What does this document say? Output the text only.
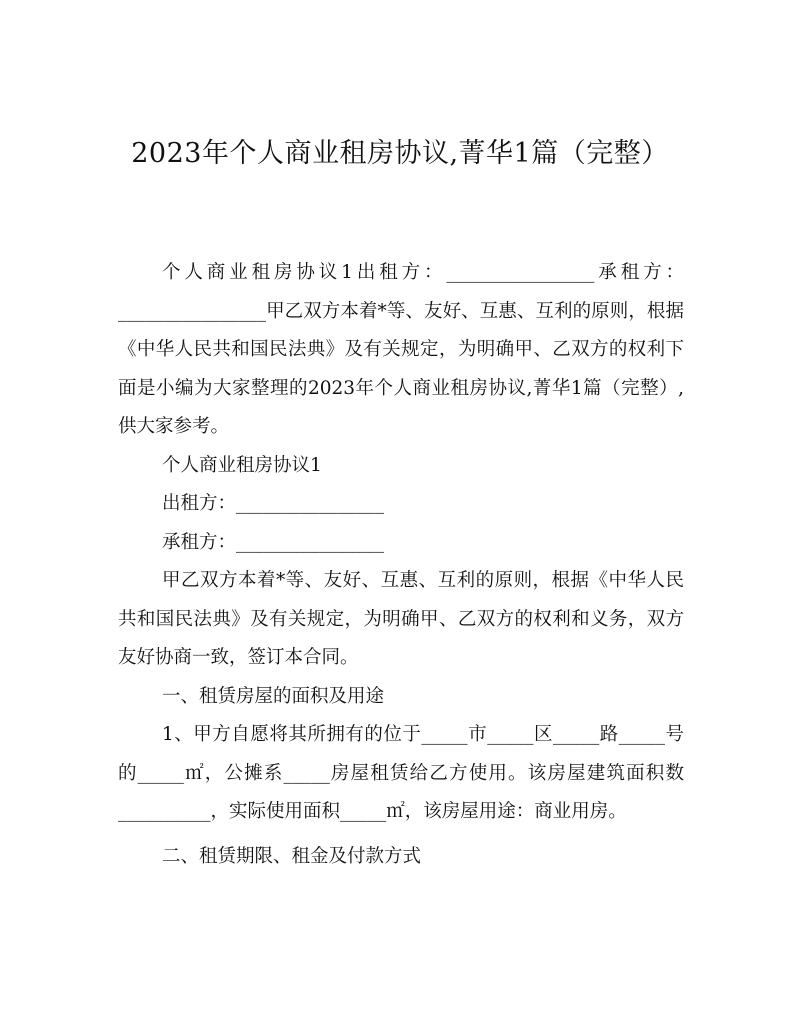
2023年个人商业租房协议,菁华1篇（完整）

个人商业租房协议1出租方：________________承租方：________________甲乙双方本着*等、友好、互惠、互利的原则，根据《中华人民共和国民法典》及有关规定，为明确甲、乙双方的权利下面是小编为大家整理的2023年个人商业租房协议,菁华1篇（完整）,供大家参考。

个人商业租房协议1

出租方：________________

承租方：________________

甲乙双方本着*等、友好、互惠、互利的原则，根据《中华人民共和国民法典》及有关规定，为明确甲、乙双方的权利和义务，双方友好协商一致，签订本合同。

一、租赁房屋的面积及用途

1、甲方自愿将其所拥有的位于_____市_____区_____路_____号的_____㎡，公摊系_____房屋租赁给乙方使用。该房屋建筑面积数__________，实际使用面积_____㎡，该房屋用途：商业用房。

二、租赁期限、租金及付款方式
